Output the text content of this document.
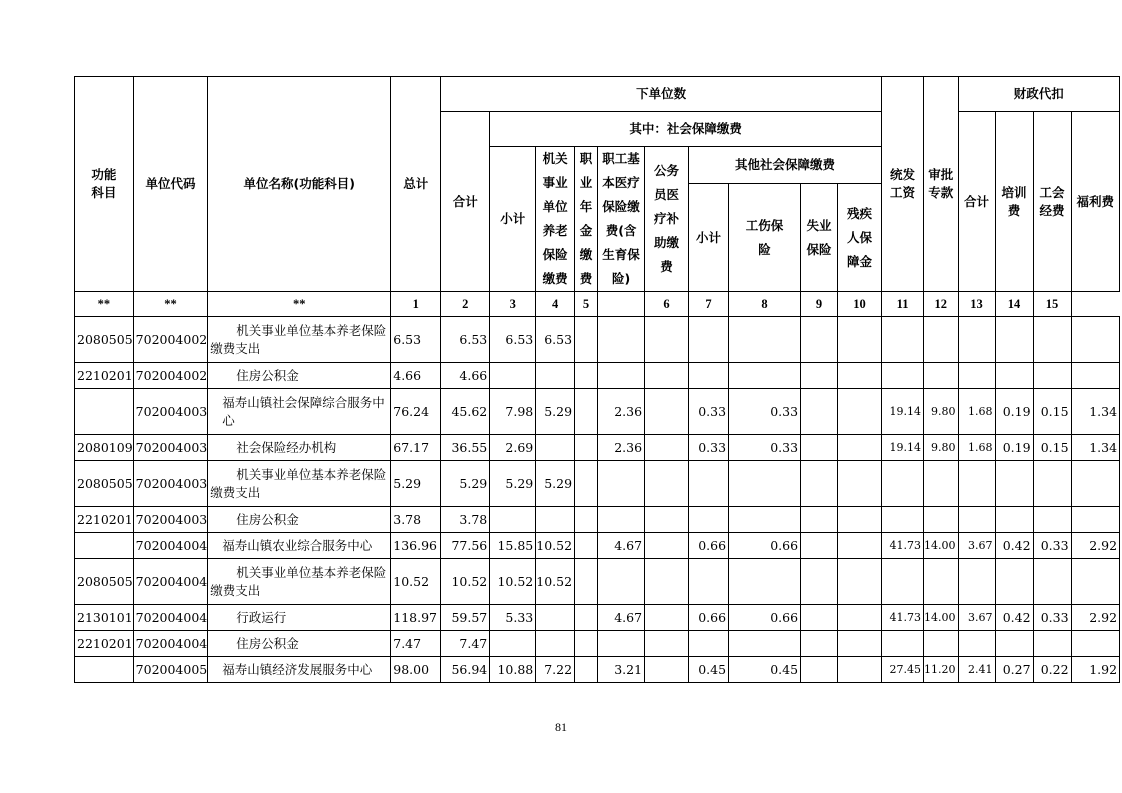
功能科目	单位代码	单位名称(功能科目)	总计	下单位数										统发工资	审批专款	财政代扣			
				合计	其中：社会保障缴费											合计	培训费	工会经费	福利费
					小计	机关事业单位养老保险缴费	职业年金缴费	职工基本医疗保险缴费(含生育保险)	公务员医疗补助缴费	其他社会保障缴费									
										小计	工伤保险	失业保险	残疾人保障金						

**	**	**	1	2	3	4	5		6	7	8	9	10	11	12	13	14	15	
2080505	702004002	机关事业单位基本养老保险缴费支出	6.53	6.53	6.53	6.53													
2210201	702004002	住房公积金	4.66	4.66															
	702004003	福寿山镇社会保障综合服务中心	76.24	45.62	7.98	5.29		2.36		0.33	0.33			19.14	9.80	1.68	0.19	0.15	1.34
2080109	702004003	社会保险经办机构	67.17	36.55	2.69			2.36		0.33	0.33			19.14	9.80	1.68	0.19	0.15	1.34
2080505	702004003	机关事业单位基本养老保险缴费支出	5.29	5.29	5.29	5.29													
2210201	702004003	住房公积金	3.78	3.78															
	702004004	福寿山镇农业综合服务中心	136.96	77.56	15.85	10.52		4.67		0.66	0.66			41.73	14.00	3.67	0.42	0.33	2.92
2080505	702004004	机关事业单位基本养老保险缴费支出	10.52	10.52	10.52	10.52													
2130101	702004004	行政运行	118.97	59.57	5.33			4.67		0.66	0.66			41.73	14.00	3.67	0.42	0.33	2.92
2210201	702004004	住房公积金	7.47	7.47															
	702004005	福寿山镇经济发展服务中心	98.00	56.94	10.88	7.22		3.21		0.45	0.45			27.45	11.20	2.41	0.27	0.22	1.92
81
